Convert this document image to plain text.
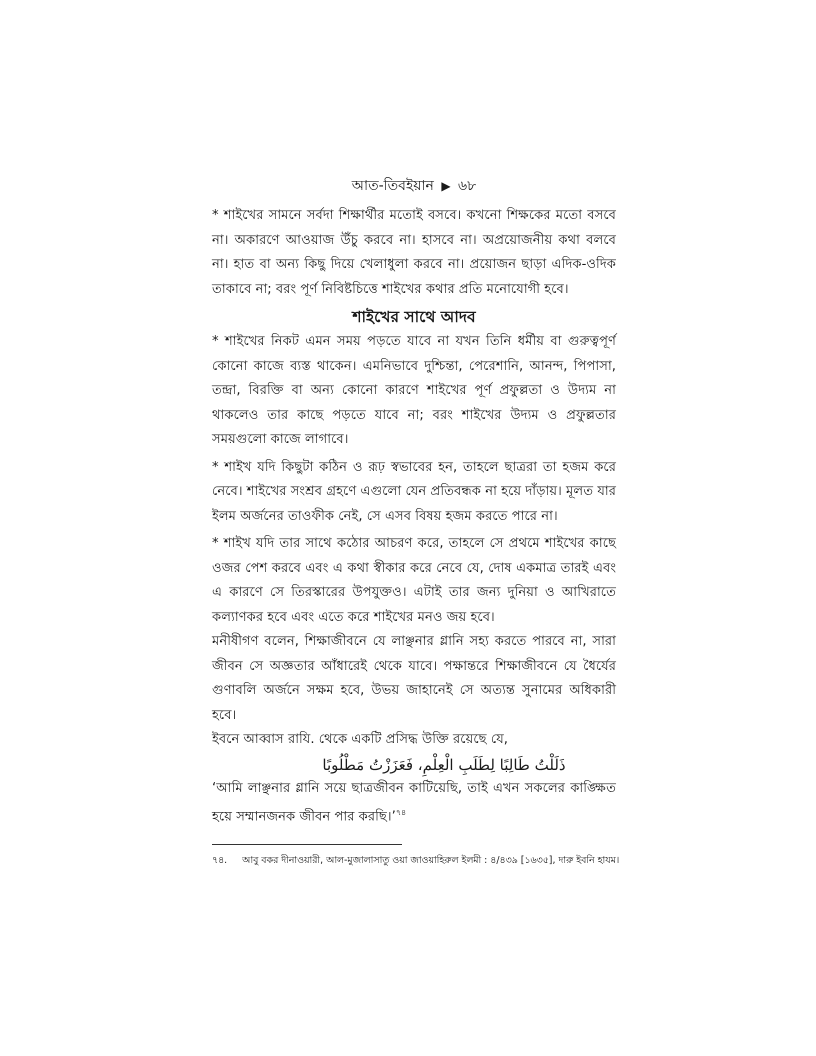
আত-তিবইয়ান ▶ ৬৮

* শাইখের সামনে সর্বদা শিক্ষার্থীর মতোই বসবে। কখনো শিক্ষকের মতো বসবে না। অকারণে আওয়াজ উঁচু করবে না। হাসবে না। অপ্রয়োজনীয় কথা বলবে না। হাত বা অন্য কিছু দিয়ে খেলাধুলা করবে না। প্রয়োজন ছাড়া এদিক-ওদিক তাকাবে না; বরং পূর্ণ নিবিষ্টচিত্তে শাইখের কথার প্রতি মনোযোগী হবে।

শাইখের সাথে আদব

* শাইখের নিকট এমন সময় পড়তে যাবে না যখন তিনি ধর্মীয় বা গুরুত্বপূর্ণ কোনো কাজে ব্যস্ত থাকেন। এমনিভাবে দুশ্চিন্তা, পেরেশানি, আনন্দ, পিপাসা, তন্দ্রা, বিরক্তি বা অন্য কোনো কারণে শাইখের পূর্ণ প্রফুল্লতা ও উদ্যম না থাকলেও তার কাছে পড়তে যাবে না; বরং শাইখের উদ্যম ও প্রফুল্লতার সময়গুলো কাজে লাগাবে।

* শাইখ যদি কিছুটা কঠিন ও রূঢ় স্বভাবের হন, তাহলে ছাত্ররা তা হজম করে নেবে। শাইখের সংশ্রব গ্রহণে এগুলো যেন প্রতিবন্ধক না হয়ে দাঁড়ায়। মূলত যার ইলম অর্জনের তাওফীক নেই, সে এসব বিষয় হজম করতে পারে না।

* শাইখ যদি তার সাথে কঠোর আচরণ করে, তাহলে সে প্রথমে শাইখের কাছে ওজর পেশ করবে এবং এ কথা স্বীকার করে নেবে যে, দোষ একমাত্র তারই এবং এ কারণে সে তিরস্কারের উপযুক্তও। এটাই তার জন্য দুনিয়া ও আখিরাতে কল্যাণকর হবে এবং এতে করে শাইখের মনও জয় হবে।

মনীষীগণ বলেন, শিক্ষাজীবনে যে লাঞ্ছনার গ্লানি সহ্য করতে পারবে না, সারা জীবন সে অজ্ঞতার আঁধারেই থেকে যাবে। পক্ষান্তরে শিক্ষাজীবনে যে ধৈর্যের গুণাবলি অর্জনে সক্ষম হবে, উভয় জাহানেই সে অত্যন্ত সুনামের অধিকারী হবে।

ইবনে আব্বাস রাযি. থেকে একটি প্রসিদ্ধ উক্তি রয়েছে যে,

ذَلَلْتُ طَالِبًا لِطَلَبِ الْعِلْمِ، فَعَزَزْتُ مَطْلُوبًا

‘আমি লাঞ্ছনার গ্লানি সয়ে ছাত্রজীবন কাটিয়েছি, তাই এখন সকলের কাঙ্ক্ষিত হয়ে সম্মানজনক জীবন পার করছি।’$^{৭৪}$

৭৪. আবু বকর দীনাওয়ারী, আল-মুজালাসাতু ওয়া জাওয়াহিরুল ইলমী : ৪/৪৩৯ [১৬৩৫], দারু ইবনি হাযম।
